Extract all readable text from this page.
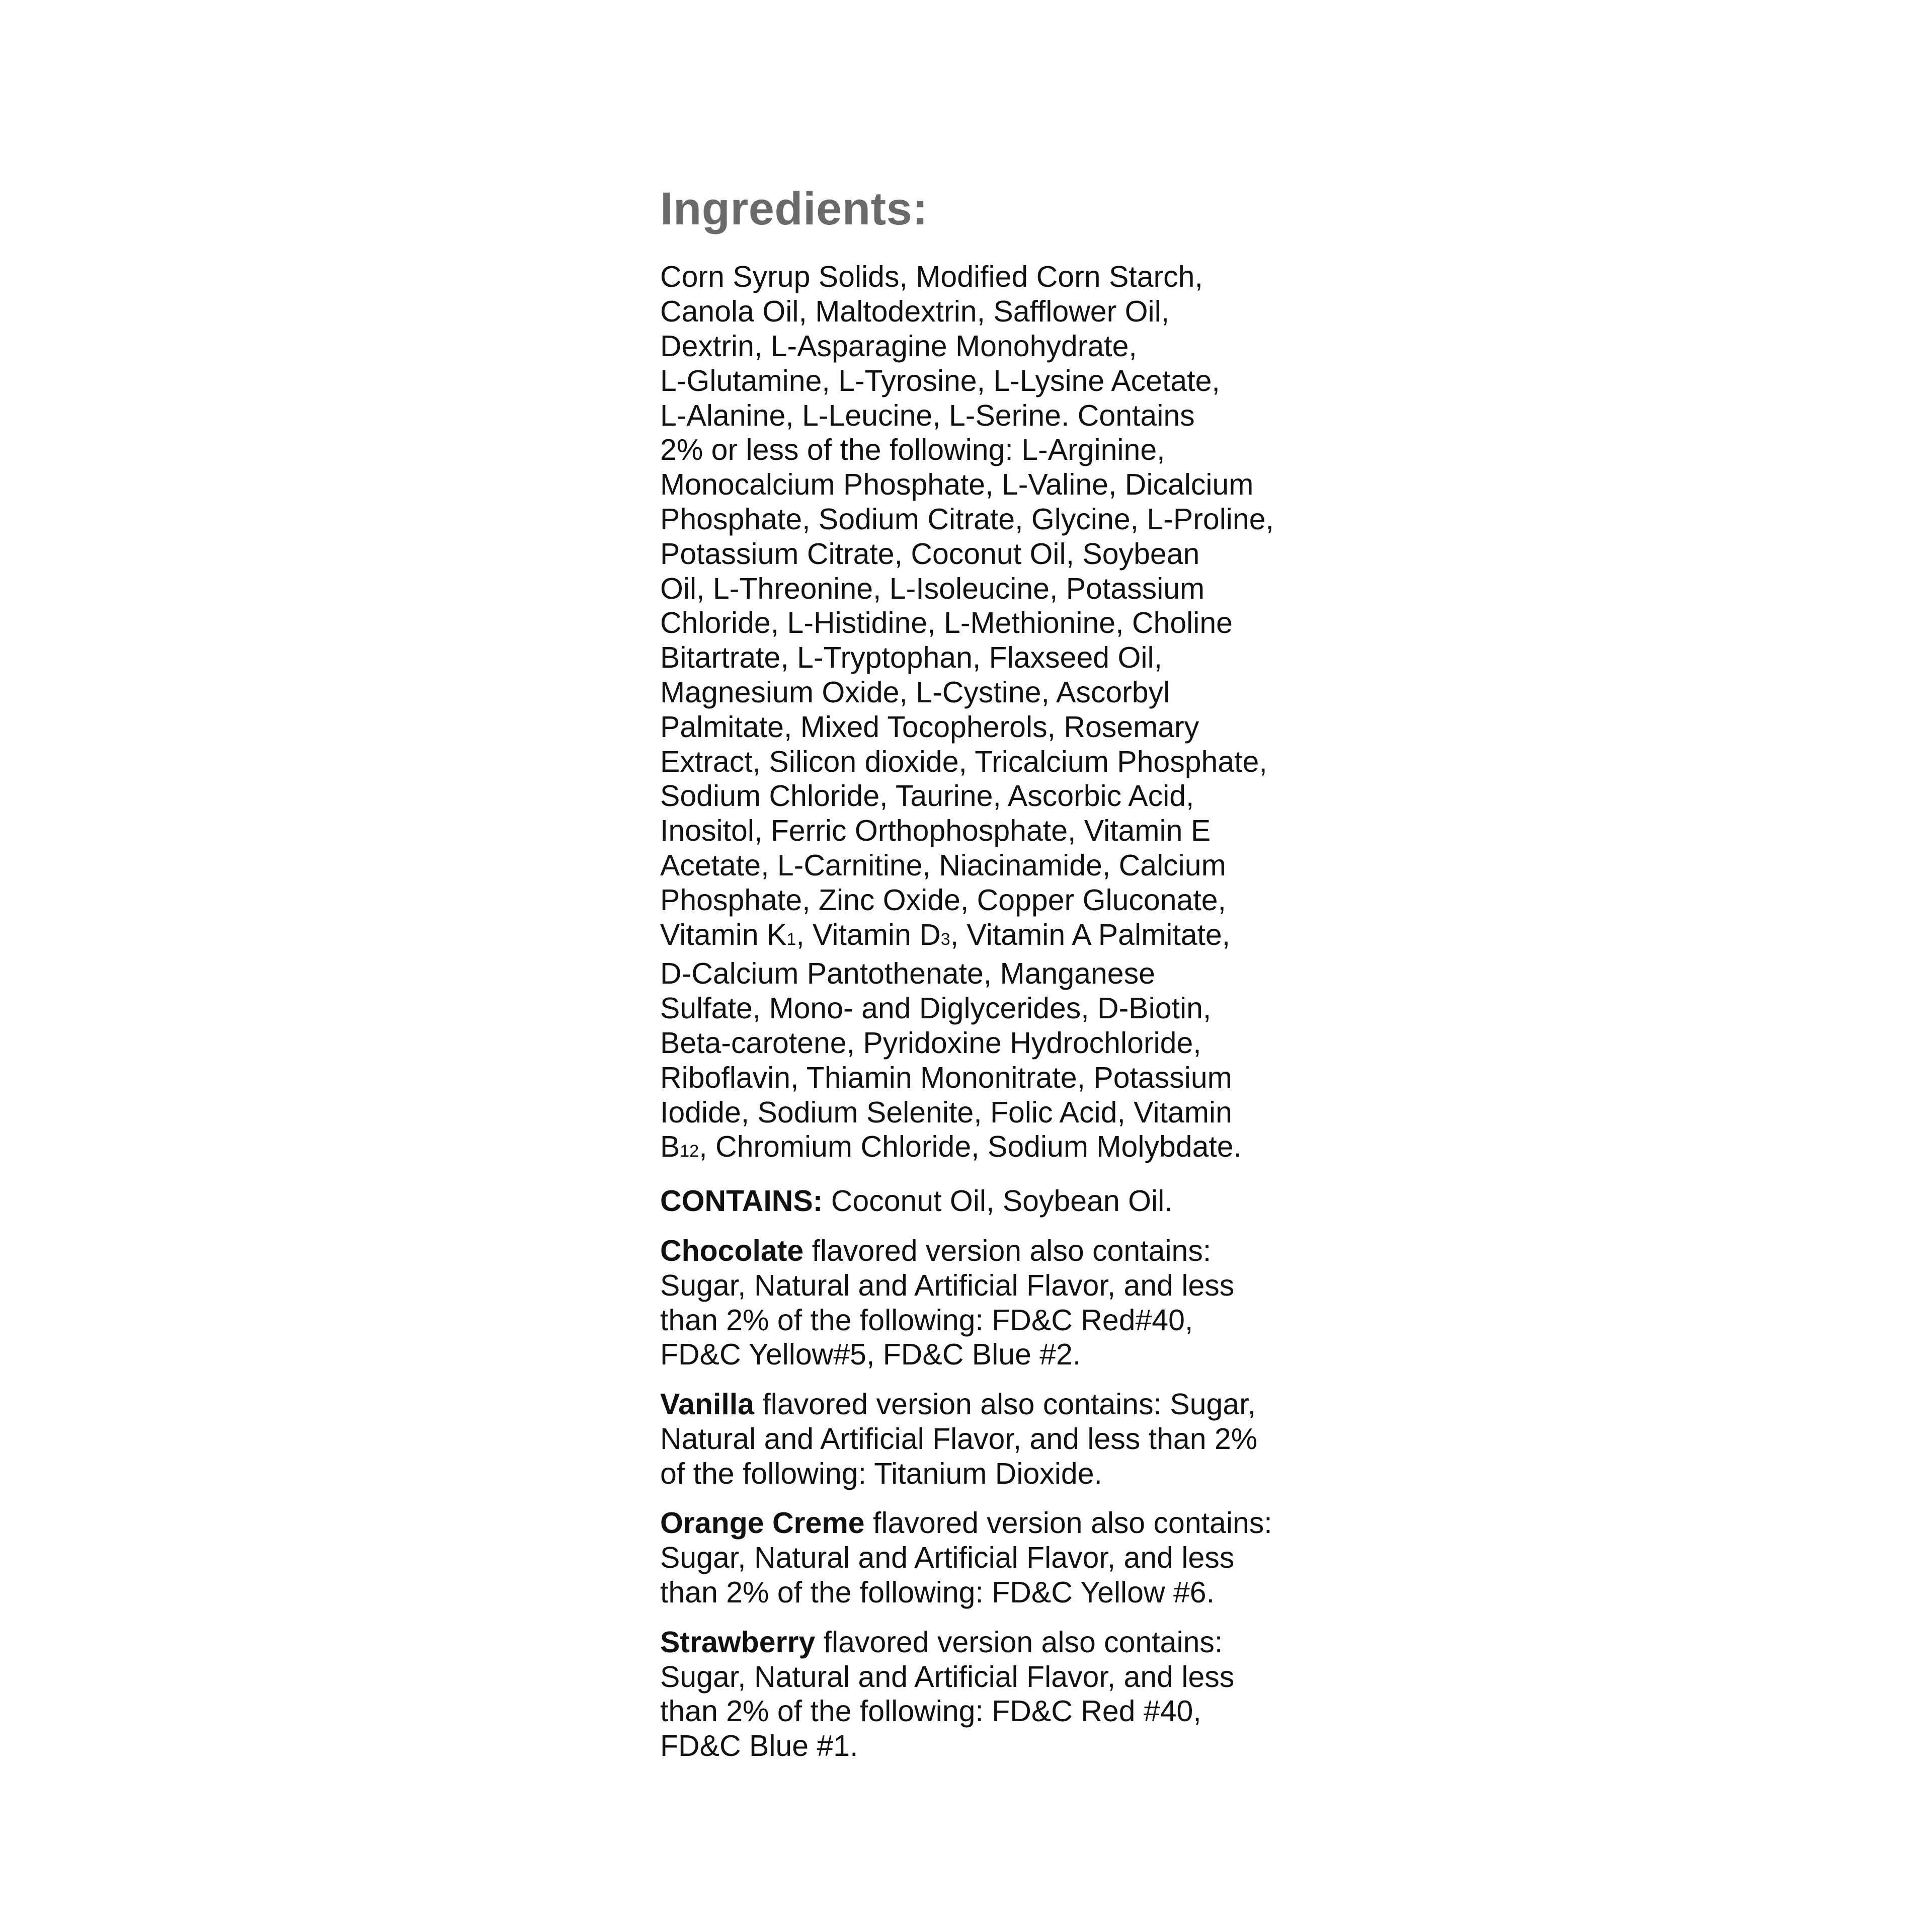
Ingredients:
Corn Syrup Solids, Modified Corn Starch,
Canola Oil, Maltodextrin, Safflower Oil,
Dextrin, L-Asparagine Monohydrate,
L-Glutamine, L-Tyrosine, L-Lysine Acetate,
L-Alanine, L-Leucine, L-Serine. Contains
2% or less of the following: L-Arginine,
Monocalcium Phosphate, L-Valine, Dicalcium
Phosphate, Sodium Citrate, Glycine, L-Proline,
Potassium Citrate, Coconut Oil, Soybean
Oil, L-Threonine, L-Isoleucine, Potassium
Chloride, L-Histidine, L-Methionine, Choline
Bitartrate, L-Tryptophan, Flaxseed Oil,
Magnesium Oxide, L-Cystine, Ascorbyl
Palmitate, Mixed Tocopherols, Rosemary
Extract, Silicon dioxide, Tricalcium Phosphate,
Sodium Chloride, Taurine, Ascorbic Acid,
Inositol, Ferric Orthophosphate, Vitamin E
Acetate, L-Carnitine, Niacinamide, Calcium
Phosphate, Zinc Oxide, Copper Gluconate,
Vitamin K1, Vitamin D3, Vitamin A Palmitate,
D-Calcium Pantothenate, Manganese
Sulfate, Mono- and Diglycerides, D-Biotin,
Beta-carotene, Pyridoxine Hydrochloride,
Riboflavin, Thiamin Mononitrate, Potassium
Iodide, Sodium Selenite, Folic Acid, Vitamin
B12, Chromium Chloride, Sodium Molybdate.
CONTAINS: Coconut Oil, Soybean Oil.
Chocolate flavored version also contains:
Sugar, Natural and Artificial Flavor, and less
than 2% of the following: FD&C Red#40,
FD&C Yellow#5, FD&C Blue #2.
Vanilla flavored version also contains: Sugar,
Natural and Artificial Flavor, and less than 2%
of the following: Titanium Dioxide.
Orange Creme flavored version also contains:
Sugar, Natural and Artificial Flavor, and less
than 2% of the following: FD&C Yellow #6.
Strawberry flavored version also contains:
Sugar, Natural and Artificial Flavor, and less
than 2% of the following: FD&C Red #40,
FD&C Blue #1.
